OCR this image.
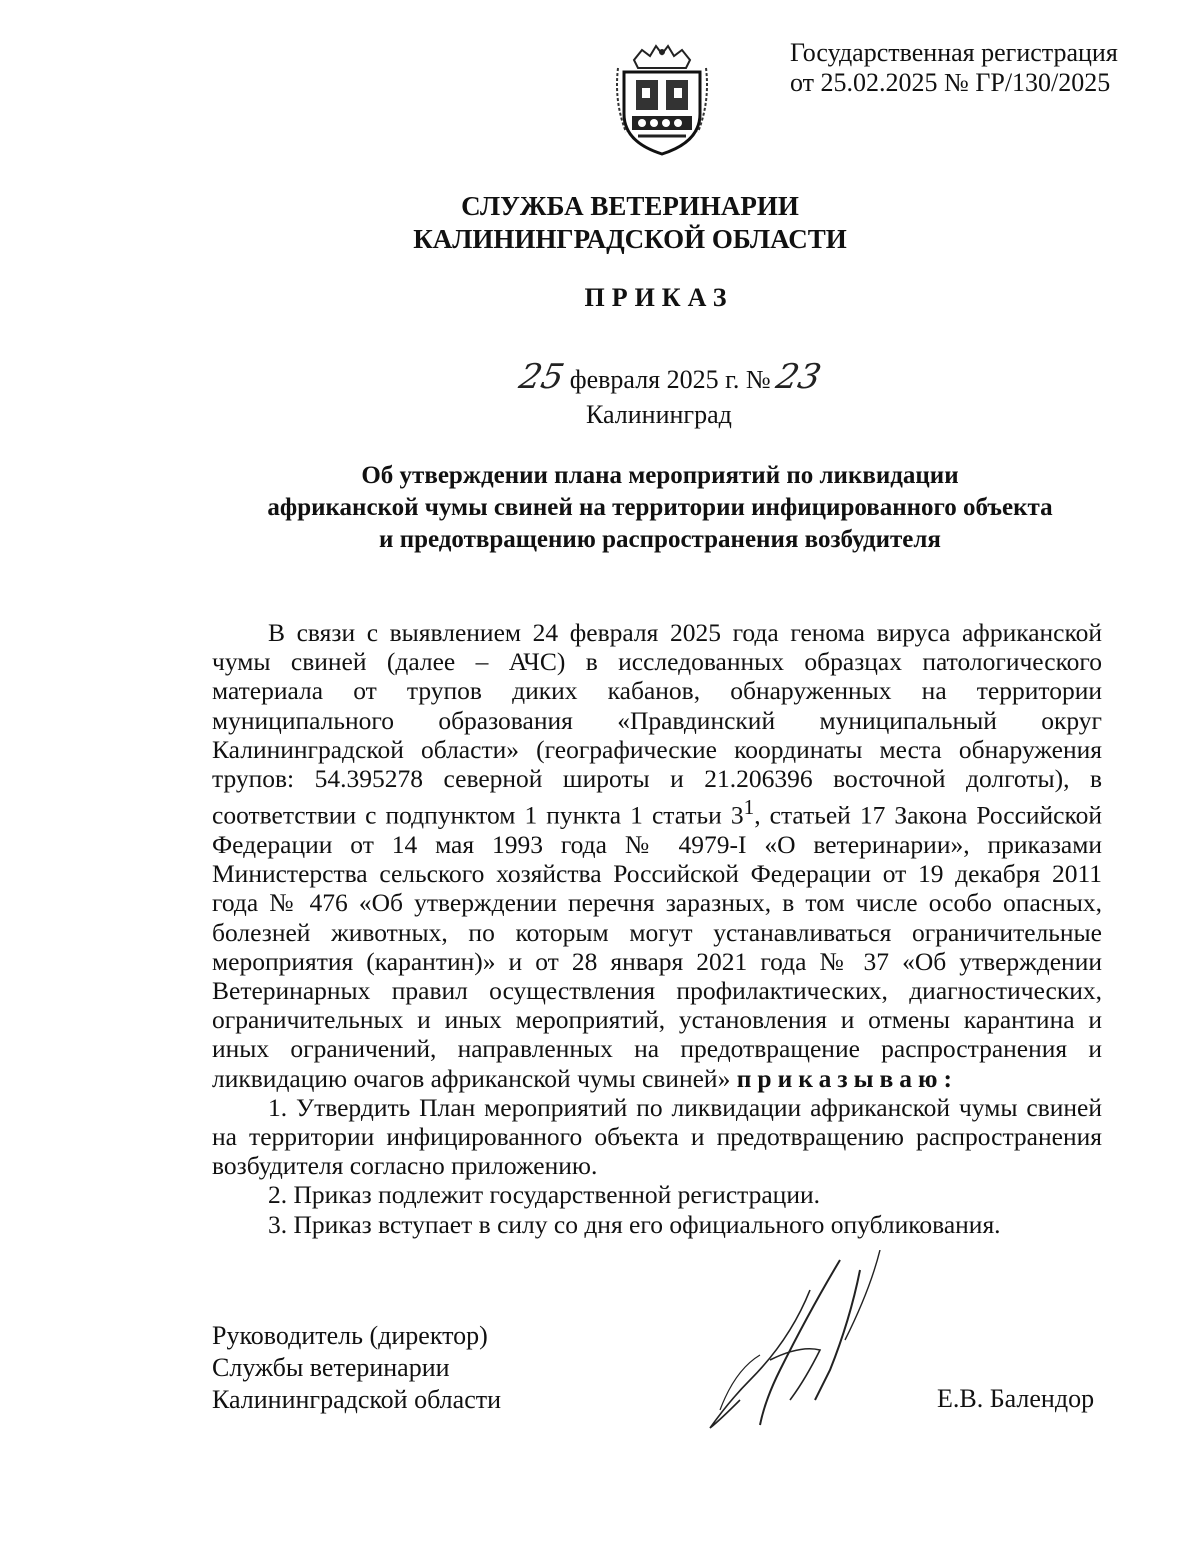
Государственная регистрация
от 25.02.2025 № ГР/130/2025
СЛУЖБА ВЕТЕРИНАРИИ
КАЛИНИНГРАДСКОЙ ОБЛАСТИ
ПРИКАЗ
25 февраля 2025 г. № 23
Калининград
Об утверждении плана мероприятий по ликвидации
африканской чумы свиней на территории инфицированного объекта
и предотвращению распространения возбудителя

В связи с выявлением 24 февраля 2025 года генома вируса африканской чумы свиней (далее – АЧС) в исследованных образцах патологического материала от трупов диких кабанов, обнаруженных на территории муниципального образования «Правдинский муниципальный округ Калининградской области» (географические координаты места обнаружения трупов: 54.395278 северной широты и 21.206396 восточной долготы), в соответствии с подпунктом 1 пункта 1 статьи $3^1$, статьей 17 Закона Российской Федерации от 14 мая 1993 года № 4979-I «О ветеринарии», приказами Министерства сельского хозяйства Российской Федерации от 19 декабря 2011 года № 476 «Об утверждении перечня заразных, в том числе особо опасных, болезней животных, по которым могут устанавливаться ограничительные мероприятия (карантин)» и от 28 января 2021 года № 37 «Об утверждении Ветеринарных правил осуществления профилактических, диагностических, ограничительных и иных мероприятий, установления и отмены карантина и иных ограничений, направленных на предотвращение распространения и ликвидацию очагов африканской чумы свиней» приказываю:

1. Утвердить План мероприятий по ликвидации африканской чумы свиней на территории инфицированного объекта и предотвращению распространения возбудителя согласно приложению.

2. Приказ подлежит государственной регистрации.

3. Приказ вступает в силу со дня его официального опубликования.

Руководитель (директор)
Службы ветеринарии
Калининградской области	Е.В. Балендор
